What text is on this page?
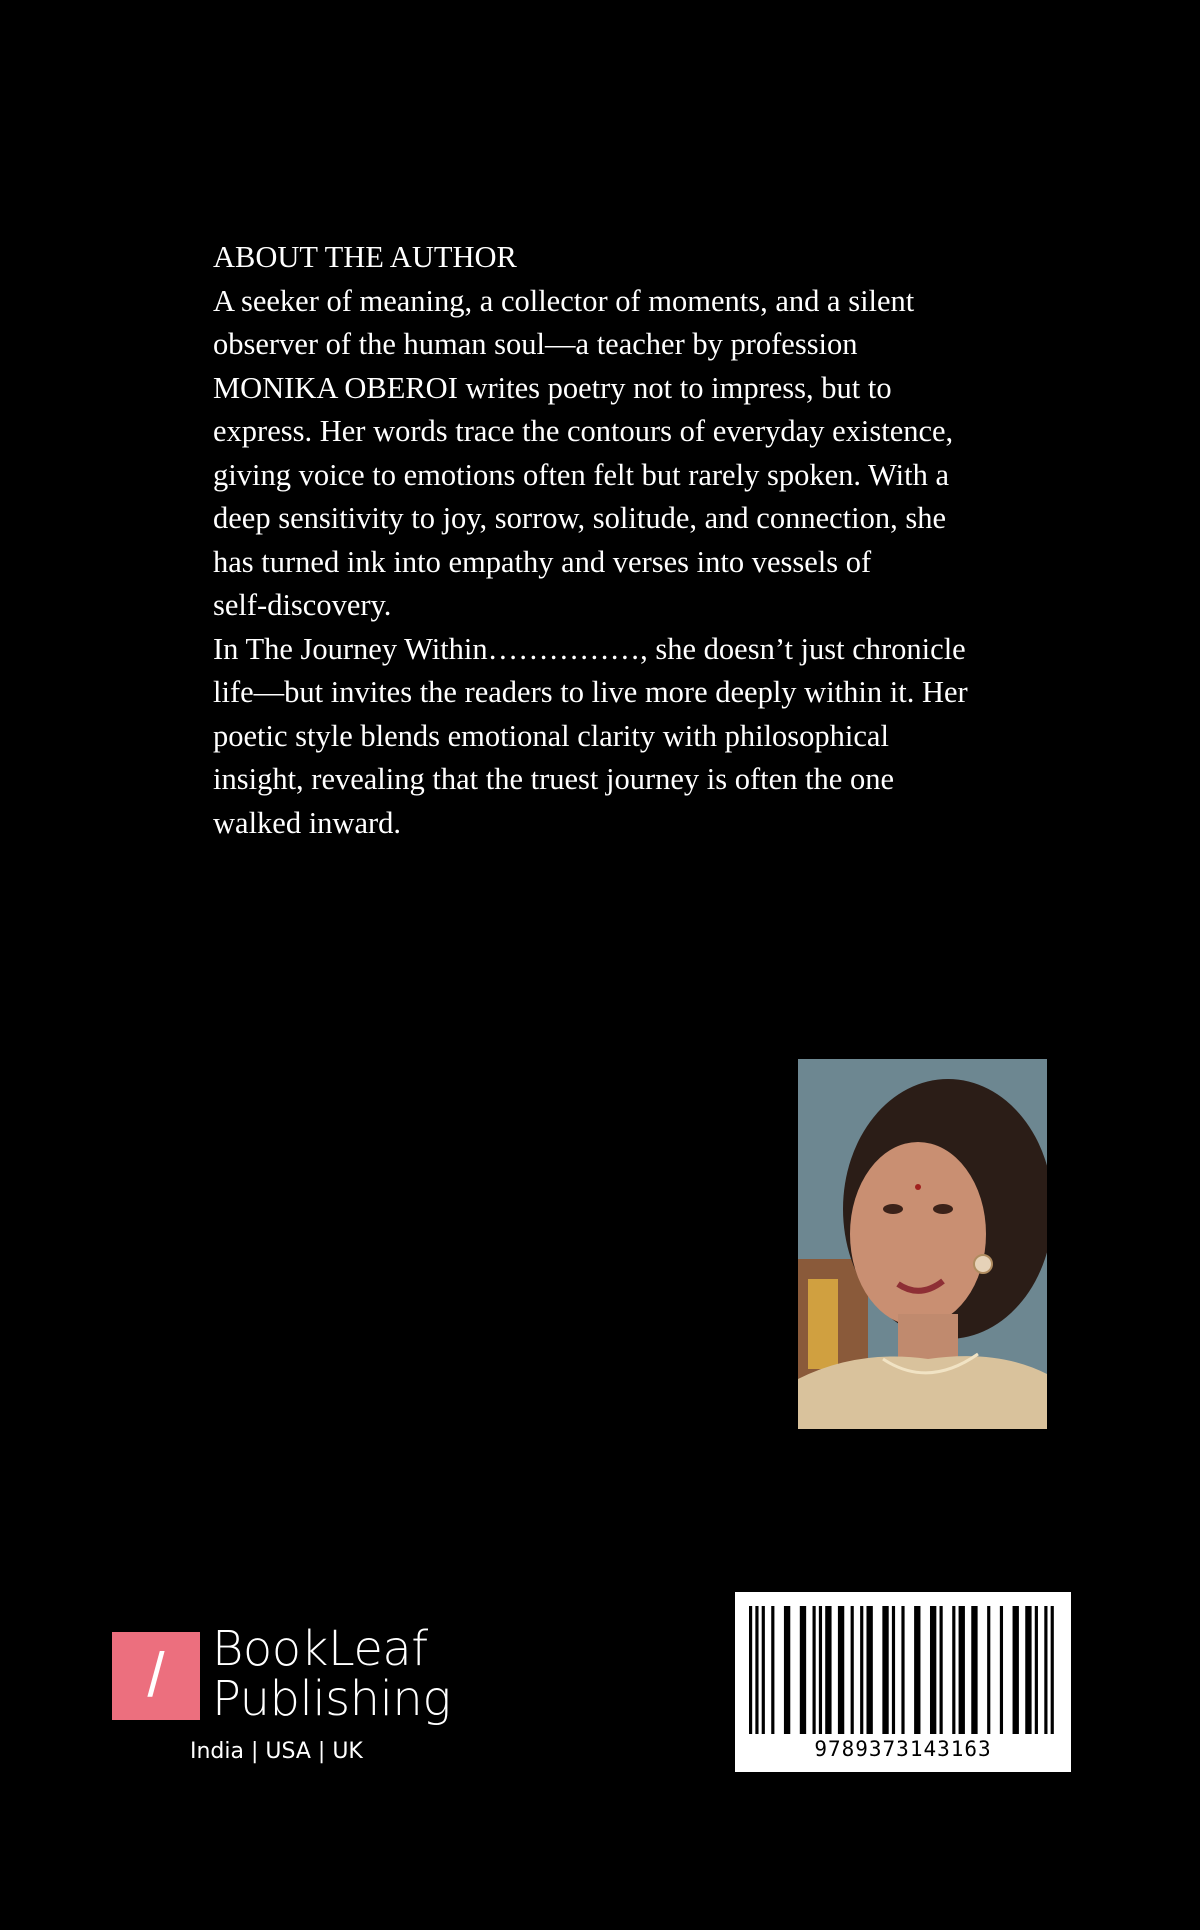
ABOUT THE AUTHOR
A seeker of meaning, a collector of moments, and a silent
observer of the human soul—a teacher by profession
MONIKA OBEROI writes poetry not to impress, but to
express. Her words trace the contours of everyday existence,
giving voice to emotions often felt but rarely spoken. With a
deep sensitivity to joy, sorrow, solitude, and connection, she
has turned ink into empathy and verses into vessels of
self-discovery.
In The Journey Within……………, she doesn’t just chronicle
life—but invites the readers to live more deeply within it. Her
poetic style blends emotional clarity with philosophical
insight, revealing that the truest journey is often the one
walked inward.
/ BookLeaf
Publishing
India | USA | UK	9789373143163
